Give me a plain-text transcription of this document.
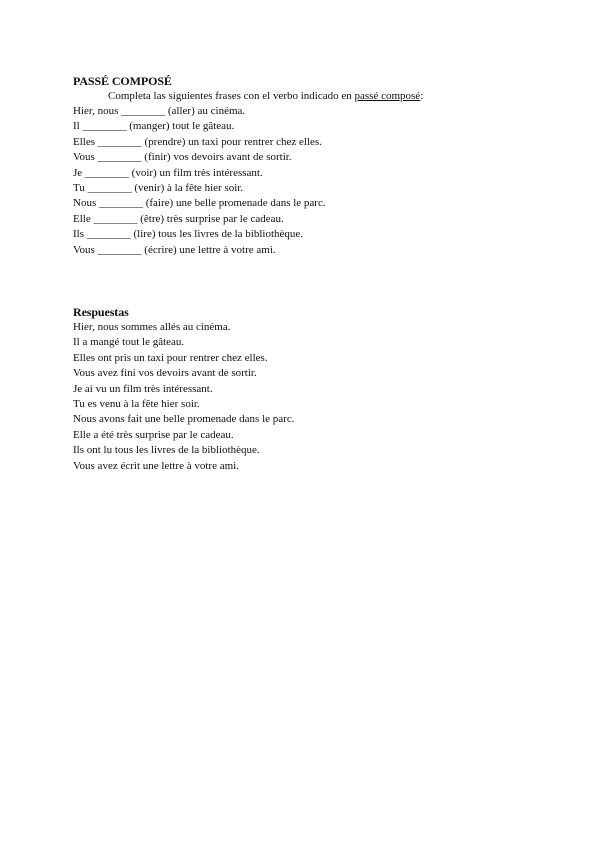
PASSÉ COMPOSÉ

Completa las siguientes frases con el verbo indicado en passé composé:

Hier, nous ________ (aller) au cinéma.

Il ________ (manger) tout le gâteau.

Elles ________ (prendre) un taxi pour rentrer chez elles.

Vous ________ (finir) vos devoirs avant de sortir.

Je ________ (voir) un film très intéressant.

Tu ________ (venir) à la fête hier soir.

Nous ________ (faire) une belle promenade dans le parc.

Elle ________ (être) très surprise par le cadeau.

Ils ________ (lire) tous les livres de la bibliothèque.

Vous ________ (écrire) une lettre à votre ami.

Respuestas

Hier, nous sommes allés au cinéma.

Il a mangé tout le gâteau.

Elles ont pris un taxi pour rentrer chez elles.

Vous avez fini vos devoirs avant de sortir.

Je ai vu un film très intéressant.

Tu es venu à la fête hier soir.

Nous avons fait une belle promenade dans le parc.

Elle a été très surprise par le cadeau.

Ils ont lu tous les livres de la bibliothèque.

Vous avez écrit une lettre à votre ami.
